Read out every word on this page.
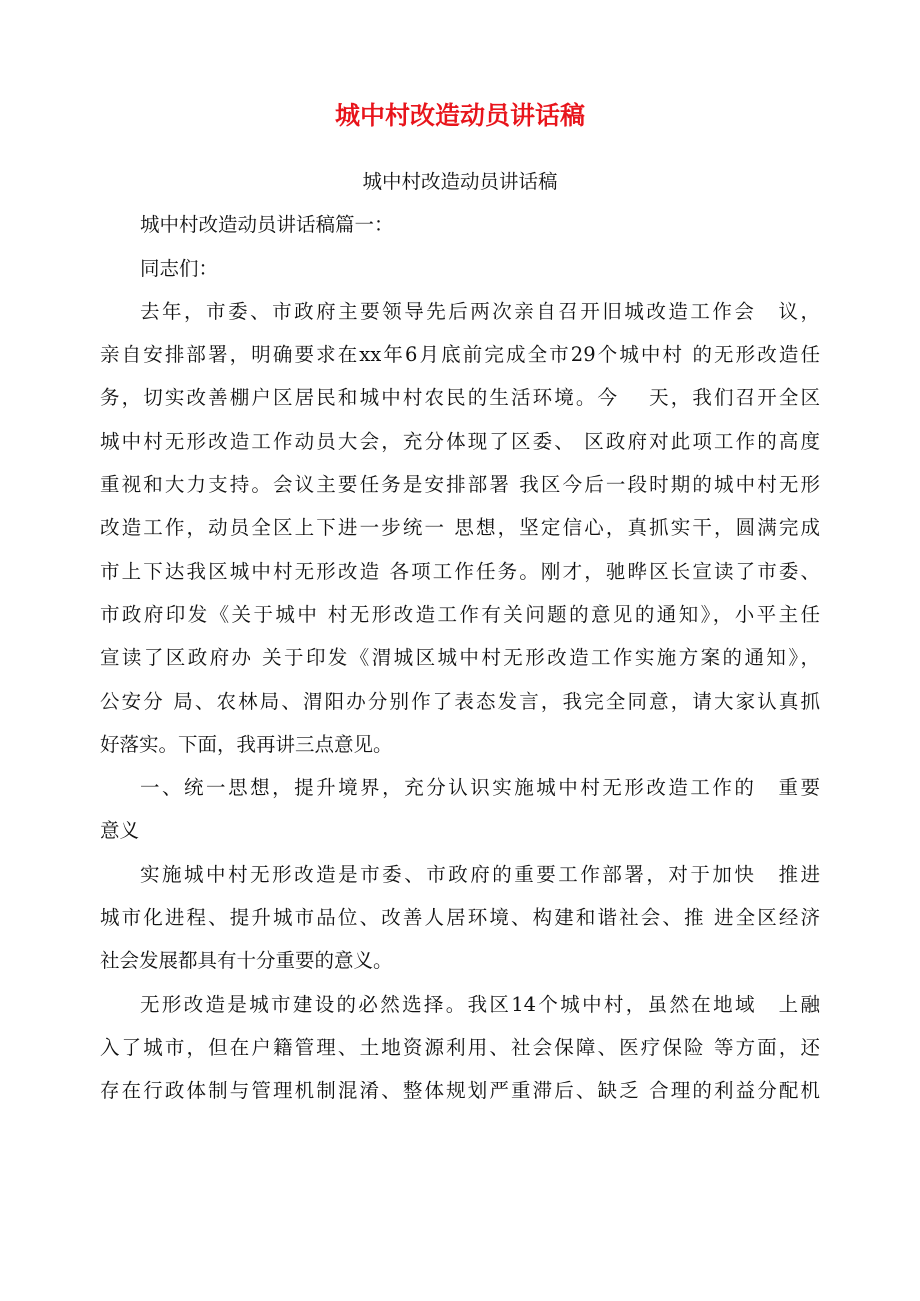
城中村改造动员讲话稿
城中村改造动员讲话稿
城中村改造动员讲话稿篇一：
同志们：
去年，市委、市政府主要领导先后两次亲自召开旧城改造工作会　议，
亲自安排部署，明确要求在xx年6月底前完成全市29个城中村 的无形改造任
务，切实改善棚户区居民和城中村农民的生活环境。今　 天，我们召开全区
城中村无形改造工作动员大会，充分体现了区委、 区政府对此项工作的高度
重视和大力支持。会议主要任务是安排部署 我区今后一段时期的城中村无形
改造工作，动员全区上下进一步统一 思想，坚定信心，真抓实干，圆满完成
市上下达我区城中村无形改造 各项工作任务。刚才，驰晔区长宣读了市委、
市政府印发《关于城中 村无形改造工作有关问题的意见的通知》，小平主任
宣读了区政府办 关于印发《渭城区城中村无形改造工作实施方案的通知》，
公安分 局、农林局、渭阳办分别作了表态发言，我完全同意，请大家认真抓
好落实。下面，我再讲三点意见。
一、统一思想，提升境界，充分认识实施城中村无形改造工作的　重要
意义
实施城中村无形改造是市委、市政府的重要工作部署，对于加快　推进
城市化进程、提升城市品位、改善人居环境、构建和谐社会、推 进全区经济
社会发展都具有十分重要的意义。
无形改造是城市建设的必然选择。我区14个城中村，虽然在地域　上融
入了城市，但在户籍管理、土地资源利用、社会保障、医疗保险 等方面，还
存在行政体制与管理机制混淆、整体规划严重滞后、缺乏 合理的利益分配机
